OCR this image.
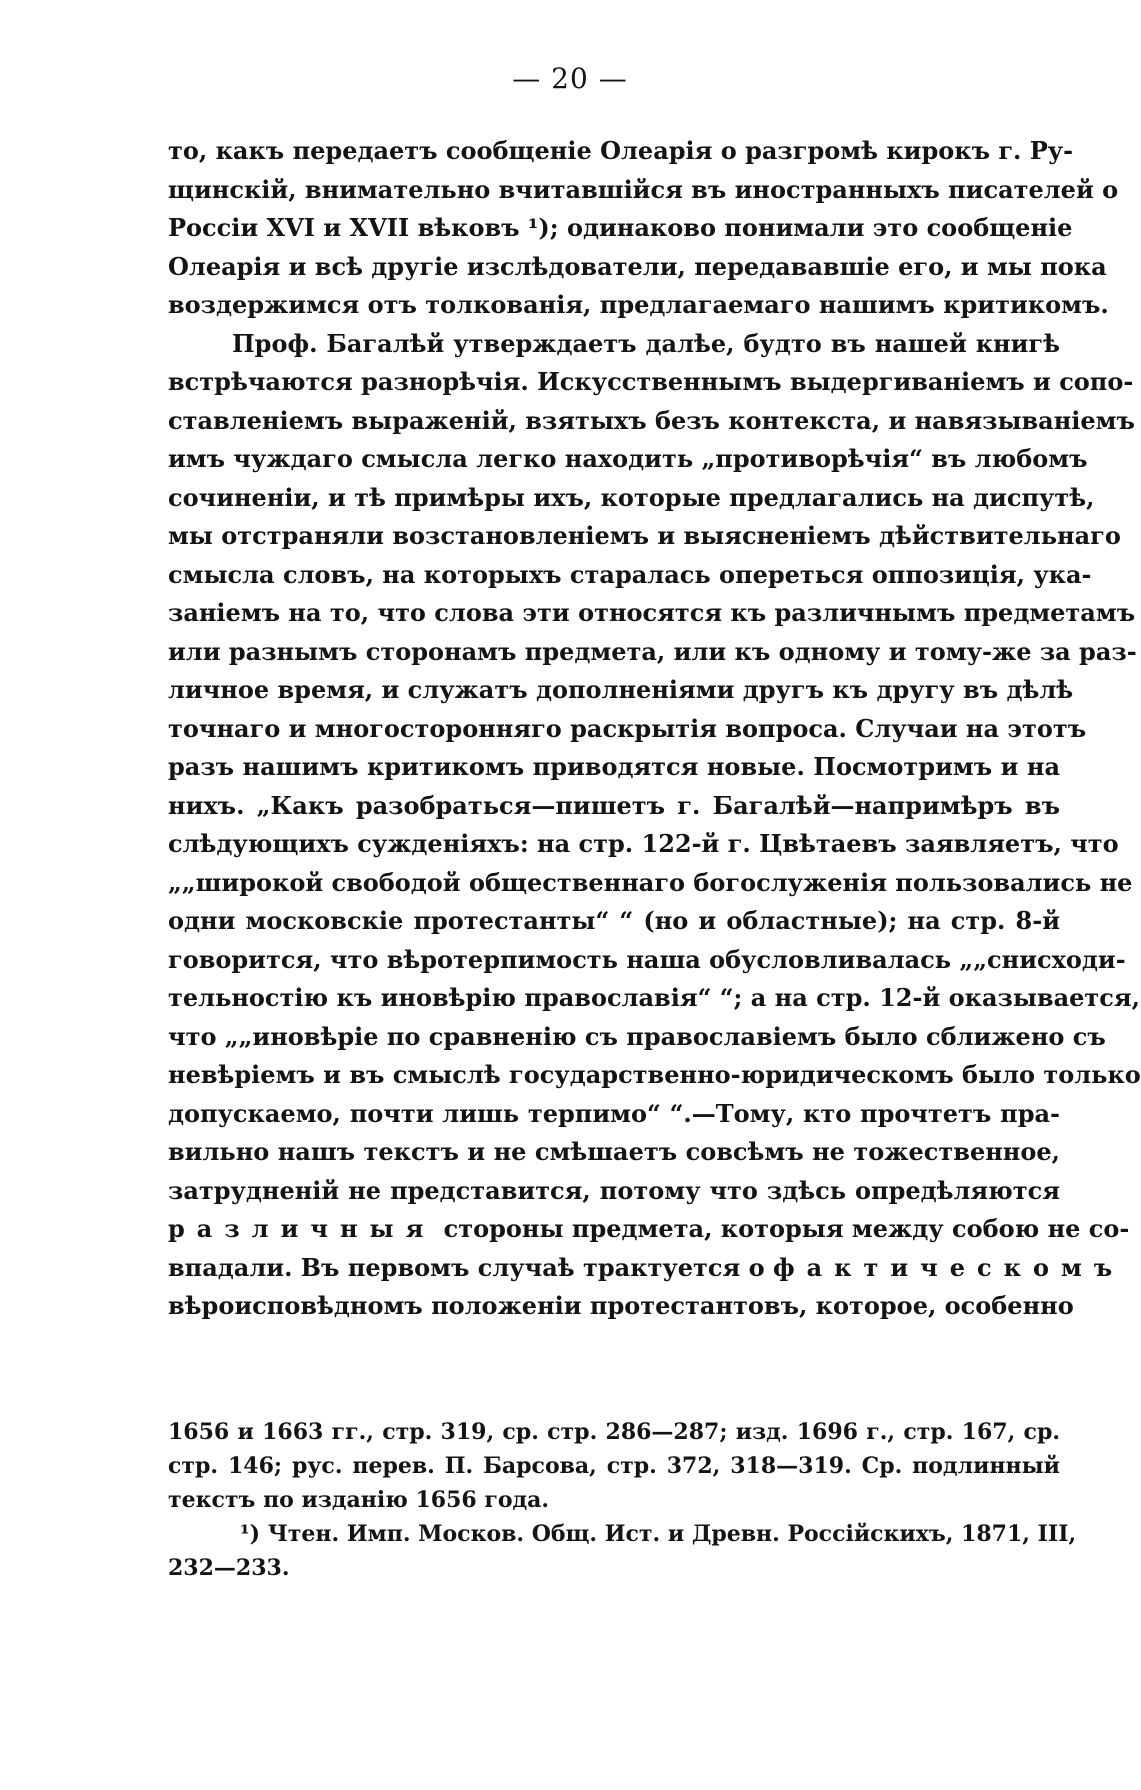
— 20 —
то, какъ передаетъ сообщеніе Олеарія о разгромѣ кирокъ г. Ру-
щинскій, внимательно вчитавшійся въ иностранныхъ писателей о
Россіи XVI и XVII вѣковъ ¹); одинаково понимали это сообщеніе
Олеарія и всѣ другіе изслѣдователи, передававшіе его, и мы пока
воздержимся отъ толкованія, предлагаемаго нашимъ критикомъ.
Проф. Багалѣй утверждаетъ далѣе, будто въ нашей книгѣ
встрѣчаются разнорѣчія. Искусственнымъ выдергиваніемъ и сопо-
ставленіемъ выраженій, взятыхъ безъ контекста, и навязываніемъ
имъ чуждаго смысла легко находить „противорѣчія“ въ любомъ
сочиненіи, и тѣ примѣры ихъ, которые предлагались на диспутѣ,
мы отстраняли возстановленіемъ и выясненіемъ дѣйствительнаго
смысла словъ, на которыхъ старалась опереться оппозиція, ука-
заніемъ на то, что слова эти относятся къ различнымъ предметамъ
или разнымъ сторонамъ предмета, или къ одному и тому-же за раз-
личное время, и служатъ дополненіями другъ къ другу въ дѣлѣ
точнаго и многосторонняго раскрытія вопроса. Случаи на этотъ
разъ нашимъ критикомъ приводятся новые. Посмотримъ и на
нихъ. „Какъ разобраться—пишетъ г. Багалѣй—напримѣръ въ
слѣдующихъ сужденіяхъ: на стр. 122-й г. Цвѣтаевъ заявляетъ, что
„„широкой свободой общественнаго богослуженія пользовались не
одни московскіе протестанты“ “ (но и областные); на стр. 8-й
говорится, что вѣротерпимость наша обусловливалась „„снисходи-
тельностію къ иновѣрію православія“ “; а на стр. 12-й оказывается,
что „„иновѣріе по сравненію съ православіемъ было сближено съ
невѣріемъ и въ смыслѣ государственно-юридическомъ было только
допускаемо, почти лишь терпимо“ “.—Тому, кто прочтетъ пра-
вильно нашъ текстъ и не смѣшаетъ совсѣмъ не тожественное,
затрудненій не представится, потому что здѣсь опредѣляются
различныя стороны предмета, которыя между собою не со-
впадали. Въ первомъ случаѣ трактуется о фактическомъ
вѣроисповѣдномъ положеніи протестантовъ, которое, особенно
1656 и 1663 гг., стр. 319, ср. стр. 286—287; изд. 1696 г., стр. 167, ср.
стр. 146; рус. перев. П. Барсова, стр. 372, 318—319. Ср. подлинный
текстъ по изданію 1656 года.
¹) Чтен. Имп. Москов. Общ. Ист. и Древн. Россійскихъ, 1871, III,
232—233.
